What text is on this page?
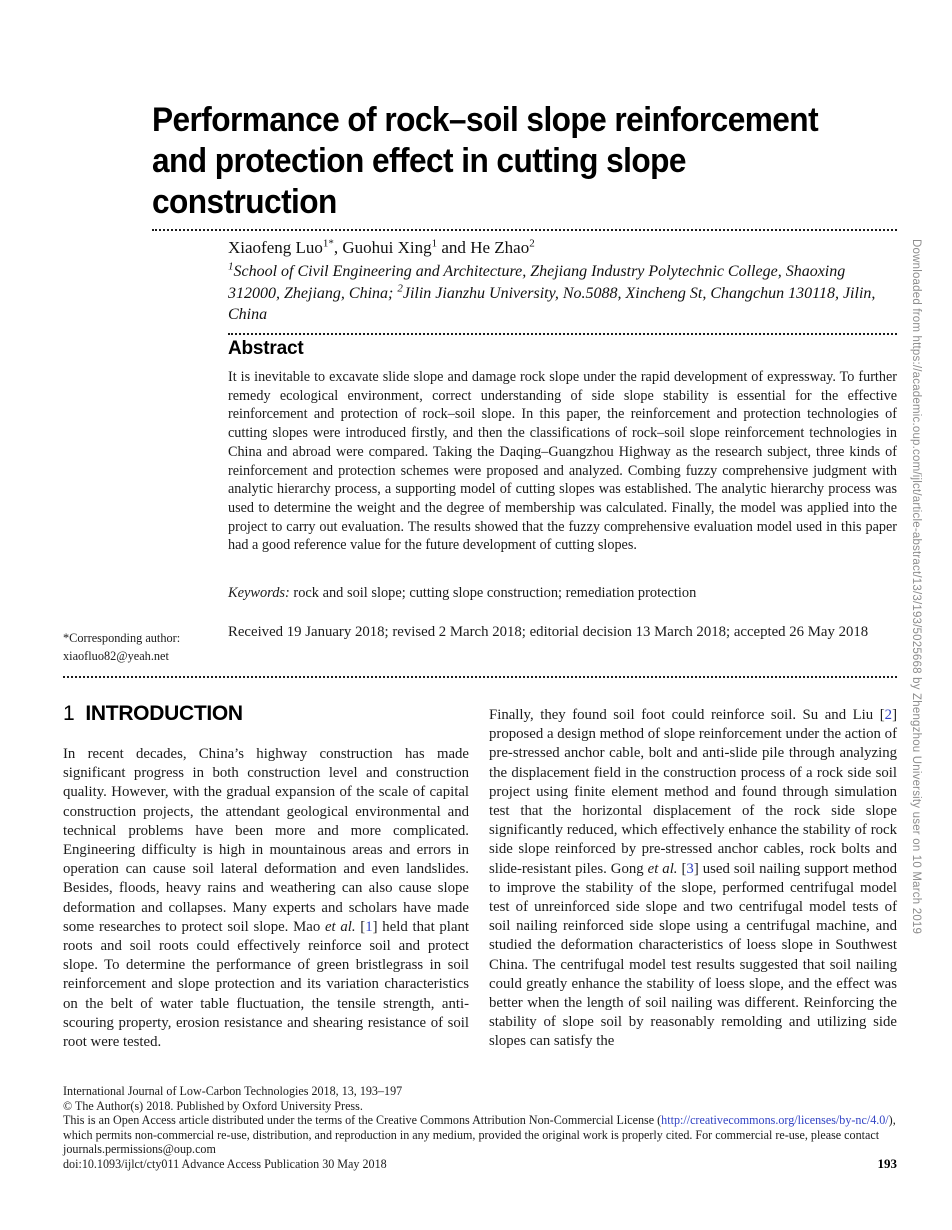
Performance of rock–soil slope reinforcement
and protection effect in cutting slope
construction
Xiaofeng Luo$^{1*}$, Guohui Xing$^1$ and He Zhao$^2$
$^1$School of Civil Engineering and Architecture, Zhejiang Industry Polytechnic College, Shaoxing 312000, Zhejiang, China; $^2$Jilin Jianzhu University, No.5088, Xincheng St, Changchun 130118, Jilin, China
Abstract
It is inevitable to excavate slide slope and damage rock slope under the rapid development of expressway. To further remedy ecological environment, correct understanding of side slope stability is essential for the effective reinforcement and protection of rock–soil slope. In this paper, the reinforcement and protection technologies of cutting slopes were introduced firstly, and then the classifications of rock–soil slope reinforcement technologies in China and abroad were compared. Taking the Daqing–Guangzhou Highway as the research subject, three kinds of reinforcement and protection schemes were proposed and analyzed. Combing fuzzy comprehensive judgment with analytic hierarchy process, a supporting model of cutting slopes was established. The analytic hierarchy process was used to determine the weight and the degree of membership was calculated. Finally, the model was applied into the project to carry out evaluation. The results showed that the fuzzy comprehensive evaluation model used in this paper had a good reference value for the future development of cutting slopes.
Keywords: rock and soil slope; cutting slope construction; remediation protection
*Corresponding author:
xiaofluo82@yeah.net
Received 19 January 2018; revised 2 March 2018; editorial decision 13 March 2018; accepted 26 May 2018
1 INTRODUCTION
In recent decades, China’s highway construction has made significant progress in both construction level and construction quality. However, with the gradual expansion of the scale of capital construction projects, the attendant geological environmental and technical problems have been more and more complicated. Engineering difficulty is high in mountainous areas and errors in operation can cause soil lateral deformation and even landslides. Besides, floods, heavy rains and weathering can also cause slope deformation and collapses. Many experts and scholars have made some researches to protect soil slope. Mao et al. [1] held that plant roots and soil roots could effectively reinforce soil and protect slope. To determine the performance of green bristlegrass in soil reinforcement and slope protection and its variation characteristics on the belt of water table fluctuation, the tensile strength, anti-scouring property, erosion resistance and shearing resistance of soil root were tested.
Finally, they found soil foot could reinforce soil. Su and Liu [2] proposed a design method of slope reinforcement under the action of pre-stressed anchor cable, bolt and anti-slide pile through analyzing the displacement field in the construction process of a rock side soil project using finite element method and found through simulation test that the horizontal displacement of the rock side slope significantly reduced, which effectively enhance the stability of rock side slope reinforced by pre-stressed anchor cables, rock bolts and slide-resistant piles. Gong et al. [3] used soil nailing support method to improve the stability of the slope, performed centrifugal model test of unreinforced side slope and two centrifugal model tests of soil nailing reinforced side slope using a centrifugal machine, and studied the deformation characteristics of loess slope in Southwest China. The centrifugal model test results suggested that soil nailing could greatly enhance the stability of loess slope, and the effect was better when the length of soil nailing was different. Reinforcing the stability of slope soil by reasonably remolding and utilizing side slopes can satisfy the
International Journal of Low-Carbon Technologies 2018, 13, 193–197
© The Author(s) 2018. Published by Oxford University Press.
This is an Open Access article distributed under the terms of the Creative Commons Attribution Non-Commercial License (http://creativecommons.org/licenses/by-nc/4.0/), which permits non-commercial re-use, distribution, and reproduction in any medium, provided the original work is properly cited. For commercial re-use, please contact journals.permissions@oup.com
doi:10.1093/ijlct/cty011 Advance Access Publication 30 May 2018	193
Downloaded from https://academic.oup.com/ijlct/article-abstract/13/3/193/5025668 by Zhengzhou University user on 10 March 2019
